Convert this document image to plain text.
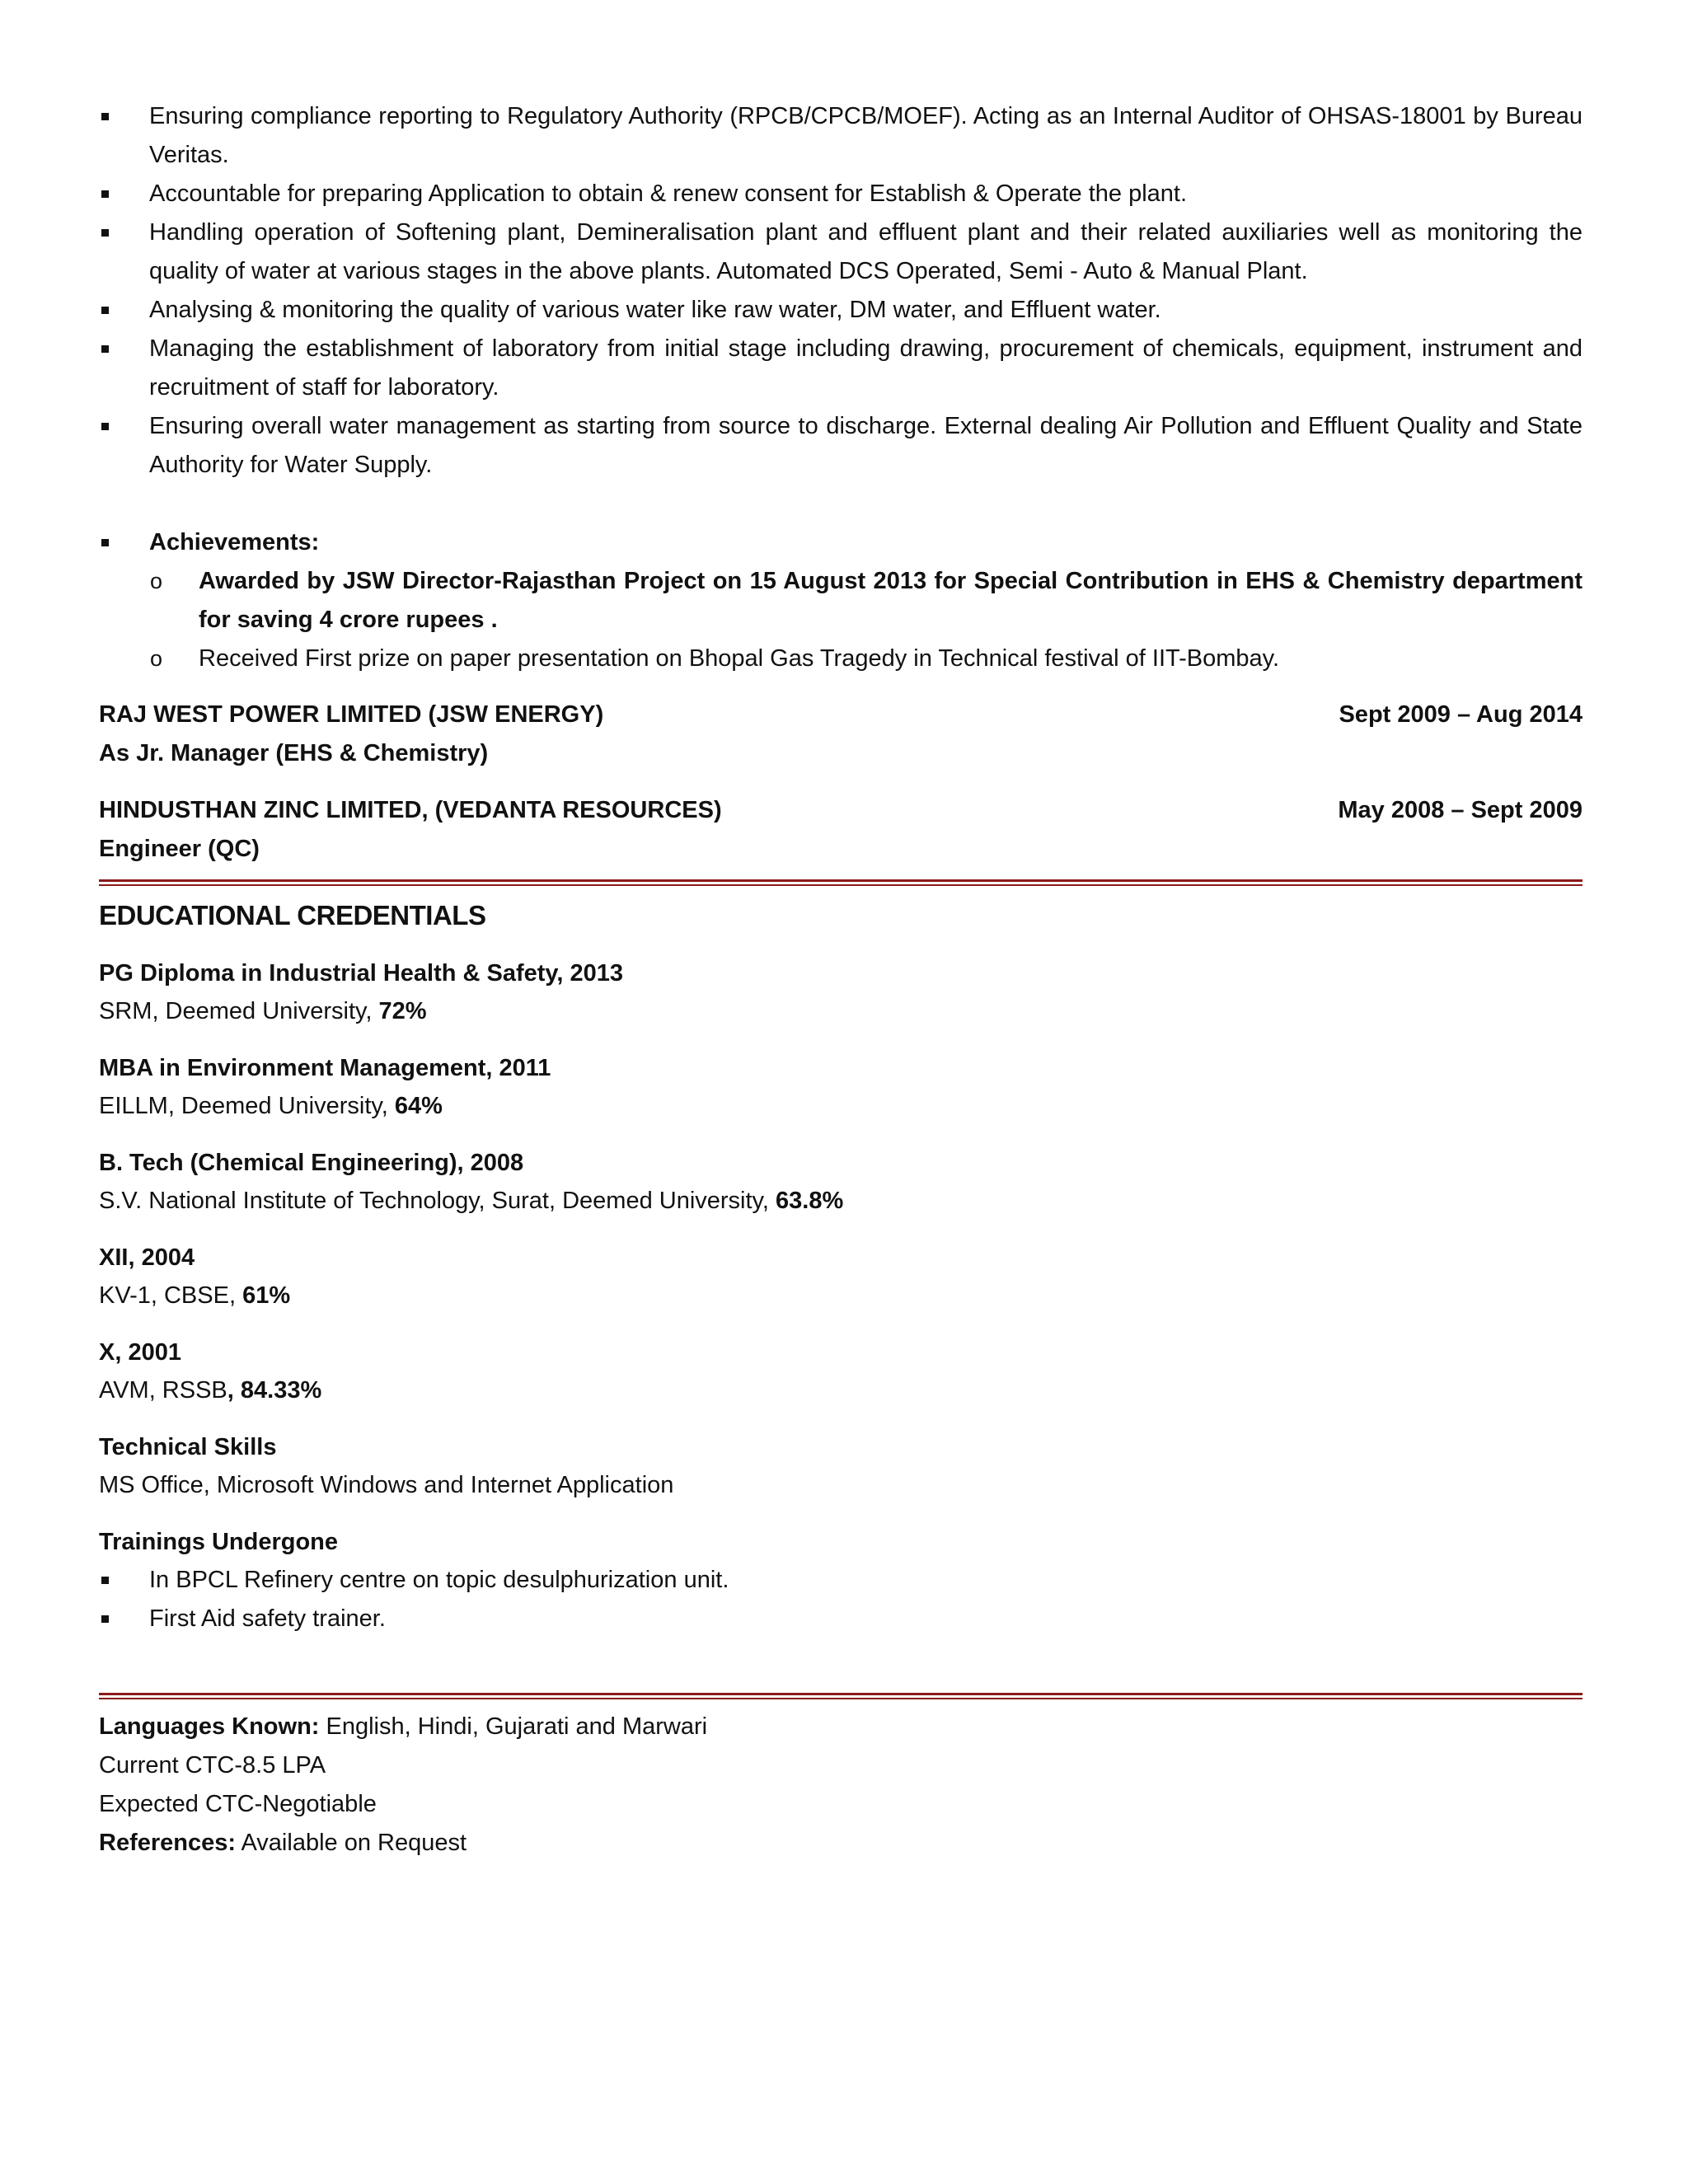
Ensuring compliance reporting to Regulatory Authority (RPCB/CPCB/MOEF). Acting as an Internal Auditor of OHSAS-18001 by Bureau Veritas.
Accountable for preparing Application to obtain & renew consent for Establish & Operate the plant.
Handling operation of Softening plant, Demineralisation plant and effluent plant and their related auxiliaries well as monitoring the quality of water at various stages in the above plants. Automated DCS Operated, Semi - Auto & Manual Plant.
Analysing & monitoring the quality of various water like raw water, DM water, and Effluent water.
Managing the establishment of laboratory from initial stage including drawing, procurement of chemicals, equipment, instrument and recruitment of staff for laboratory.
Ensuring overall water management as starting from source to discharge. External dealing Air Pollution and Effluent Quality and State Authority for Water Supply.
Achievements:
o Awarded by JSW Director-Rajasthan Project on 15 August 2013 for Special Contribution in EHS & Chemistry department for saving 4 crore rupees .
o Received First prize on paper presentation on Bhopal Gas Tragedy in Technical festival of IIT-Bombay.
RAJ WEST POWER LIMITED (JSW ENERGY)	Sept 2009 – Aug 2014
As Jr. Manager (EHS & Chemistry)
HINDUSTHAN ZINC LIMITED, (VEDANTA RESOURCES)	May 2008 – Sept 2009
Engineer (QC)
EDUCATIONAL CREDENTIALS
PG Diploma in Industrial Health & Safety, 2013
SRM, Deemed University, 72%
MBA in Environment Management, 2011
EILLM, Deemed University, 64%
B. Tech (Chemical Engineering), 2008
S.V. National Institute of Technology, Surat, Deemed University, 63.8%
XII, 2004
KV-1, CBSE, 61%
X, 2001
AVM, RSSB, 84.33%
Technical Skills
MS Office, Microsoft Windows and Internet Application
Trainings Undergone
In BPCL Refinery centre on topic desulphurization unit.
First Aid safety trainer.

Languages Known: English, Hindi, Gujarati and Marwari

Current CTC-8.5 LPA

Expected CTC-Negotiable

References: Available on Request
